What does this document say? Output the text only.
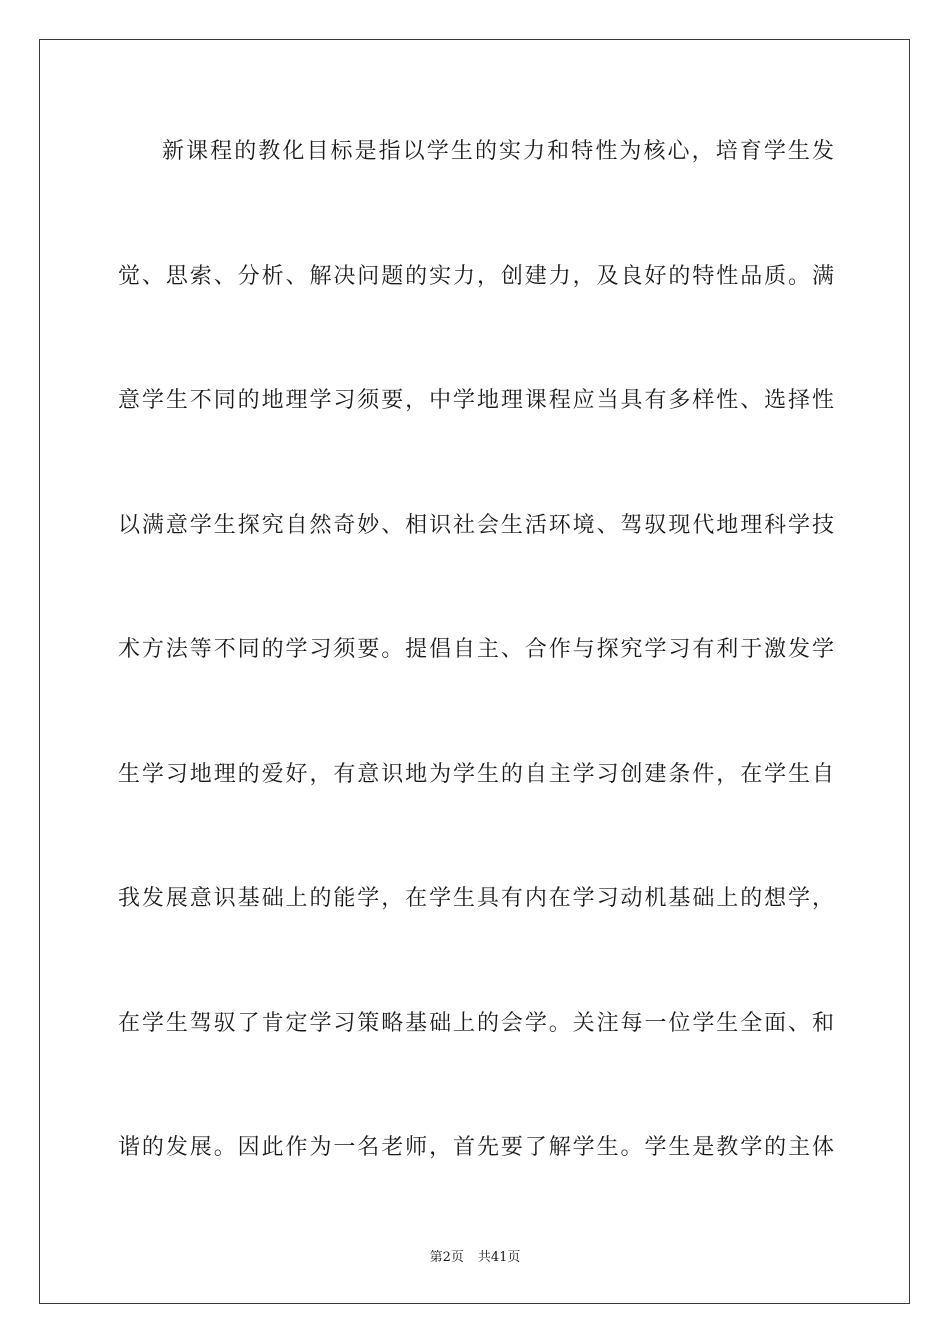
新课程的教化目标是指以学生的实力和特性为核心，培育学生发
觉、思索、分析、解决问题的实力，创建力，及良好的特性品质。满
意学生不同的地理学习须要，中学地理课程应当具有多样性、选择性
以满意学生探究自然奇妙、相识社会生活环境、驾驭现代地理科学技
术方法等不同的学习须要。提倡自主、合作与探究学习有利于激发学
生学习地理的爱好，有意识地为学生的自主学习创建条件，在学生自
我发展意识基础上的能学，在学生具有内在学习动机基础上的想学，
在学生驾驭了肯定学习策略基础上的会学。关注每一位学生全面、和
谐的发展。因此作为一名老师，首先要了解学生。学生是教学的主体
第2页 共41页
